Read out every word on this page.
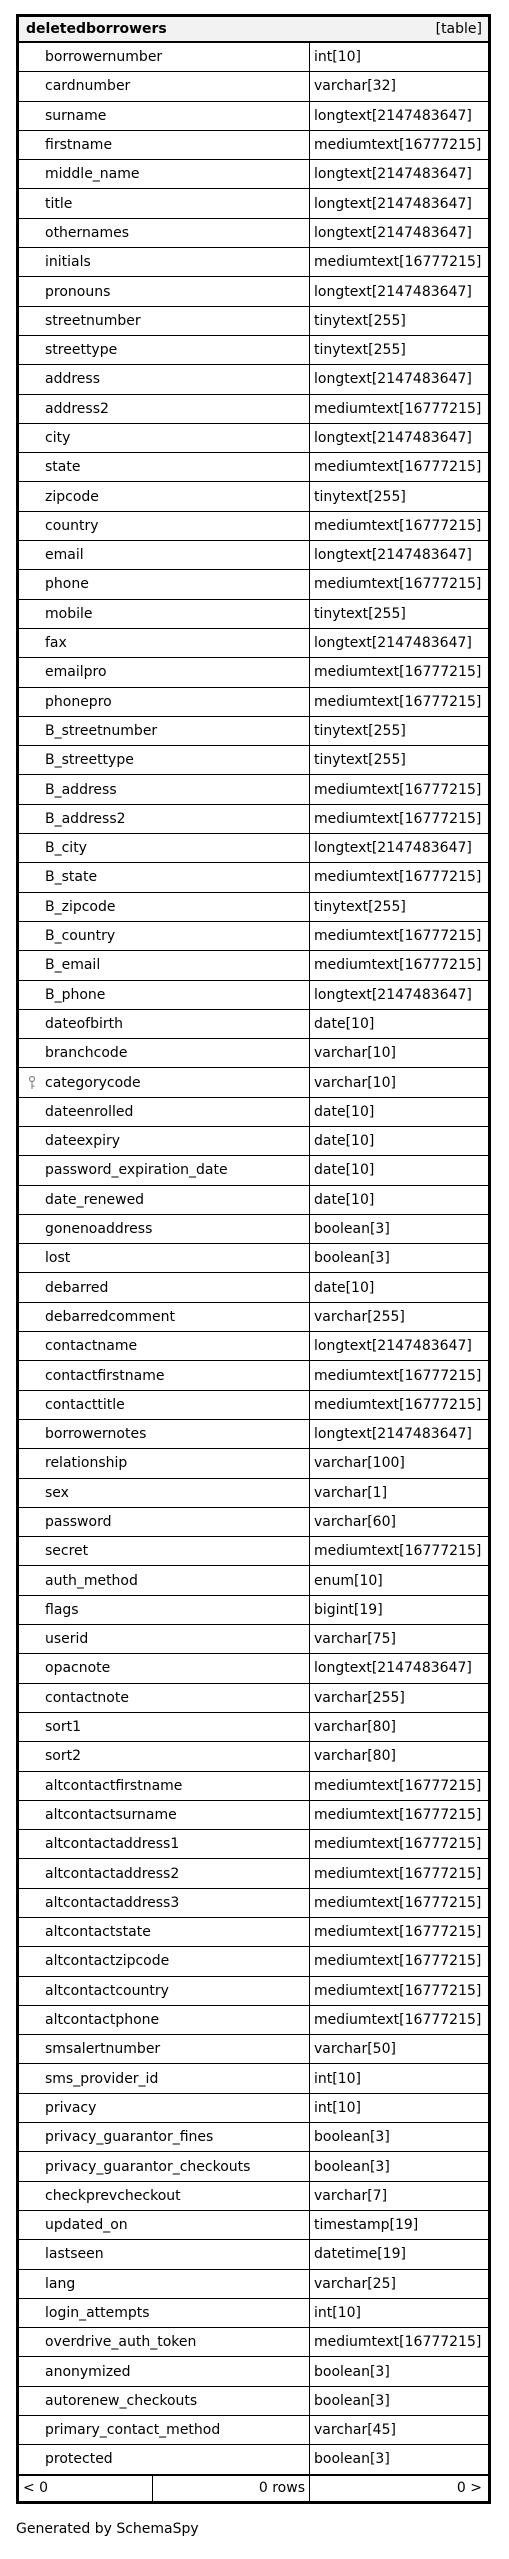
deletedborrowers	[table]
borrowernumber	int[10]
cardnumber	varchar[32]
surname	longtext[2147483647]
firstname	mediumtext[16777215]
middle_name	longtext[2147483647]
title	longtext[2147483647]
othernames	longtext[2147483647]
initials	mediumtext[16777215]
pronouns	longtext[2147483647]
streetnumber	tinytext[255]
streettype	tinytext[255]
address	longtext[2147483647]
address2	mediumtext[16777215]
city	longtext[2147483647]
state	mediumtext[16777215]
zipcode	tinytext[255]
country	mediumtext[16777215]
email	longtext[2147483647]
phone	mediumtext[16777215]
mobile	tinytext[255]
fax	longtext[2147483647]
emailpro	mediumtext[16777215]
phonepro	mediumtext[16777215]
B_streetnumber	tinytext[255]
B_streettype	tinytext[255]
B_address	mediumtext[16777215]
B_address2	mediumtext[16777215]
B_city	longtext[2147483647]
B_state	mediumtext[16777215]
B_zipcode	tinytext[255]
B_country	mediumtext[16777215]
B_email	mediumtext[16777215]
B_phone	longtext[2147483647]
dateofbirth	date[10]
branchcode	varchar[10]
categorycode	varchar[10]
dateenrolled	date[10]
dateexpiry	date[10]
password_expiration_date	date[10]
date_renewed	date[10]
gonenoaddress	boolean[3]
lost	boolean[3]
debarred	date[10]
debarredcomment	varchar[255]
contactname	longtext[2147483647]
contactfirstname	mediumtext[16777215]
contacttitle	mediumtext[16777215]
borrowernotes	longtext[2147483647]
relationship	varchar[100]
sex	varchar[1]
password	varchar[60]
secret	mediumtext[16777215]
auth_method	enum[10]
flags	bigint[19]
userid	varchar[75]
opacnote	longtext[2147483647]
contactnote	varchar[255]
sort1	varchar[80]
sort2	varchar[80]
altcontactfirstname	mediumtext[16777215]
altcontactsurname	mediumtext[16777215]
altcontactaddress1	mediumtext[16777215]
altcontactaddress2	mediumtext[16777215]
altcontactaddress3	mediumtext[16777215]
altcontactstate	mediumtext[16777215]
altcontactzipcode	mediumtext[16777215]
altcontactcountry	mediumtext[16777215]
altcontactphone	mediumtext[16777215]
smsalertnumber	varchar[50]
sms_provider_id	int[10]
privacy	int[10]
privacy_guarantor_fines	boolean[3]
privacy_guarantor_checkouts	boolean[3]
checkprevcheckout	varchar[7]
updated_on	timestamp[19]
lastseen	datetime[19]
lang	varchar[25]
login_attempts	int[10]
overdrive_auth_token	mediumtext[16777215]
anonymized	boolean[3]
autorenew_checkouts	boolean[3]
primary_contact_method	varchar[45]
protected	boolean[3]
< 0	0 rows	0 >
Generated by SchemaSpy
